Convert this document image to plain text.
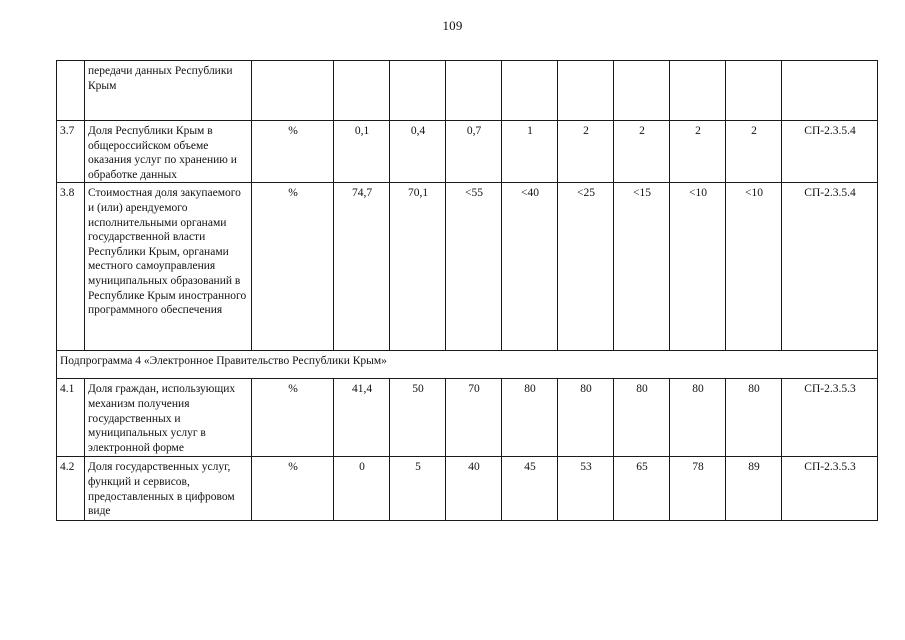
109
	передачи данных Республики Крым										
3.7	Доля Республики Крым в общероссийском объеме оказания услуг по хранению и обработке данных	%	0,1	0,4	0,7	1	2	2	2	2	СП-2.3.5.4
3.8	Стоимостная доля закупаемого и (или) арендуемого исполнительными органами государственной власти Республики Крым, органами местного самоуправления муниципальных образований в Республике Крым иностранного программного обеспечения	%	74,7	70,1	<55	<40	<25	<15	<10	<10	СП-2.3.5.4
Подпрограмма 4 «Электронное Правительство Республики Крым»											
4.1	Доля граждан, использующих механизм получения государственных и муниципальных услуг в электронной форме	%	41,4	50	70	80	80	80	80	80	СП-2.3.5.3
4.2	Доля государственных услуг, функций и сервисов, предоставленных в цифровом виде	%	0	5	40	45	53	65	78	89	СП-2.3.5.3
